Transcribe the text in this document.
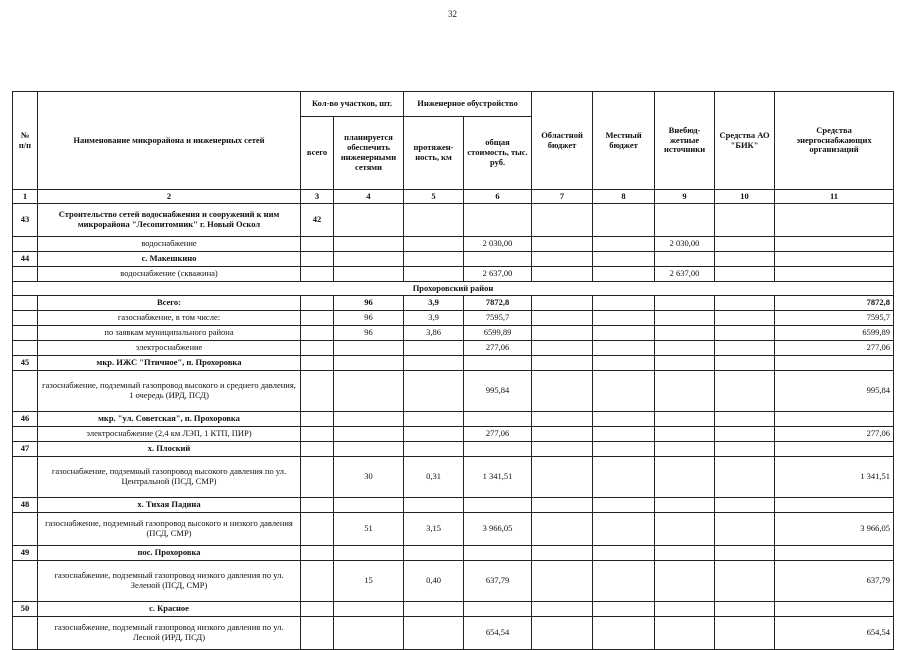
32
№
п/п	Наименование микрорайона и инженерных сетей	Кол-во участков, шт.		Инженерное обустройство		Областной бюджет	Местный бюджет	Внебюд-жетные источники	Средства АО "БИК"	Средства энергоснабжающих организаций
		всего	планируется обеспечить инженерными сетями	протяжен-ность, км	общая стоимость, тыс. руб.					
1	2	3	4	5	6	7	8	9	10	11
43	Строительство сетей водоснабжения и сооружений к ним микрорайона "Лесопитомник" г. Новый Оскол	42								
	водоснабжение				2 030,00			2 030,00		
44	с. Макешкино									
	водоснабжение (скважина)				2 637,00			2 637,00		
Прохоровский район										
	Всего:		96	3,9	7872,8					7872,8
	газоснабжение, в том числе:		96	3,9	7595,7					7595,7
	по заявкам муниципального района		96	3,86	6599,89					6599,89
	электроснабжение				277,06					277,06
45	мкр. ИЖС "Птичное", п. Прохоровка									
	газоснабжение, подземный газопровод высокого и среднего давления, 1 очередь (ИРД, ПСД)				995,84					995,84
46	мкр. "ул. Советская", п. Прохоровка									
	электроснабжение (2,4 км ЛЭП, 1 КТП, ПИР)				277,06					277,06
47	х. Плоский									
	газоснабжение, подземный газопровод высокого давления по ул. Центральной (ПСД, СМР)		30	0,31	1 341,51					1 341,51
48	х. Тихая Падина									
	газоснабжение, подземный газопровод высокого и низкого давления (ПСД, СМР)		51	3,15	3 966,05					3 966,05
49	пос. Прохоровка									
	газоснабжение, подземный газопровод низкого давления по ул. Зеленой (ПСД, СМР)		15	0,40	637,79					637,79
50	с. Красное									
	газоснабжение, подземный газопровод низкого давления по ул. Лесной (ИРД, ПСД)				654,54					654,54
